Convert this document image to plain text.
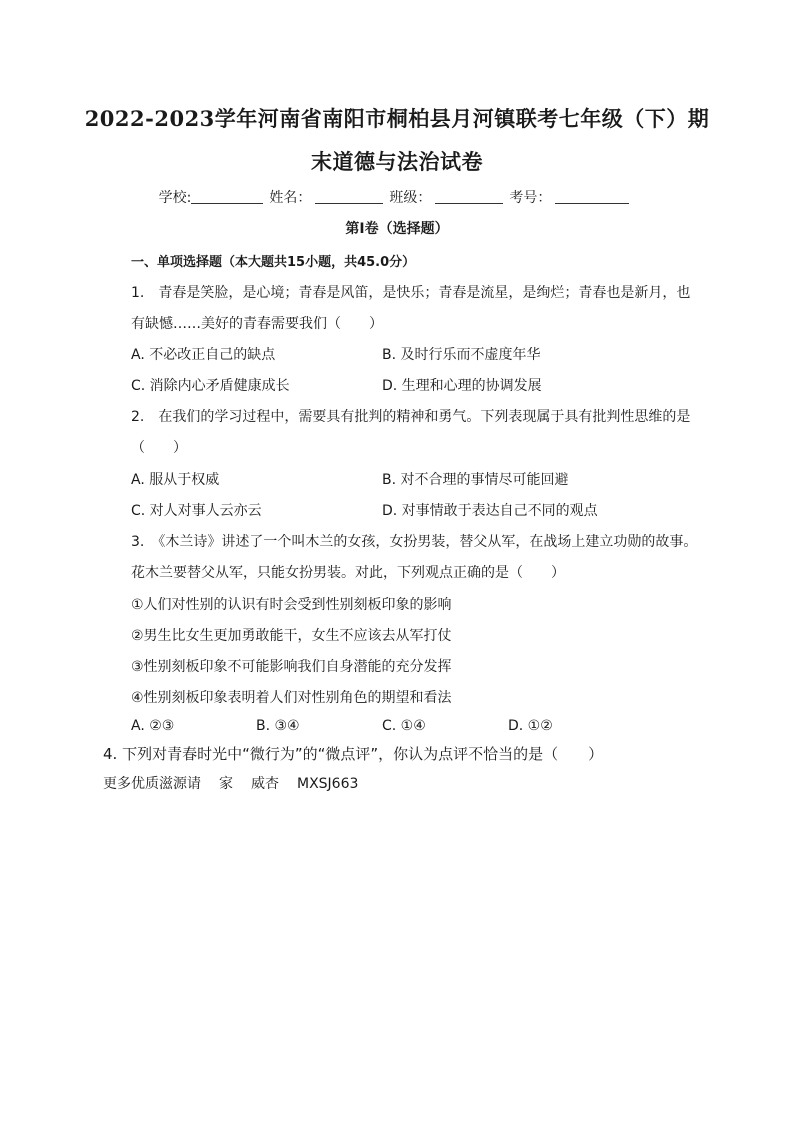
2022-2023学年河南省南阳市桐柏县月河镇联考七年级（下）期
末道德与法治试卷
学校:	姓名：	班级：	考号：
第Ⅰ卷（选择题）
一、单项选择题（本大题共15小题，共45.0分）
1.　青春是笑脸，是心境；青春是风笛，是快乐；青春是流星，是绚烂；青春也是新月，也
有缺憾……美好的青春需要我们（　　）
A. 不必改正自己的缺点	B. 及时行乐而不虚度年华
C. 消除内心矛盾健康成长	D. 生理和心理的协调发展
2.　在我们的学习过程中，需要具有批判的精神和勇气。下列表现属于具有批判性思维的是
（　　）
A. 服从于权威	B. 对不合理的事情尽可能回避
C. 对人对事人云亦云	D. 对事情敢于表达自己不同的观点
3.　《木兰诗》讲述了一个叫木兰的女孩，女扮男装，替父从军，在战场上建立功勋的故事。
花木兰要替父从军，只能女扮男装。对此，下列观点正确的是（　　）
①人们对性别的认识有时会受到性别刻板印象的影响
②男生比女生更加勇敢能干，女生不应该去从军打仗
③性别刻板印象不可能影响我们自身潜能的充分发挥
④性别刻板印象表明着人们对性别角色的期望和看法
A. ②③	B. ③④	C. ①④	D. ①②
4. 下列对青春时光中“微行为”的“微点评”，你认为点评不恰当的是（　　）
更多优质滋源请 家 威杏 MXSJ663
